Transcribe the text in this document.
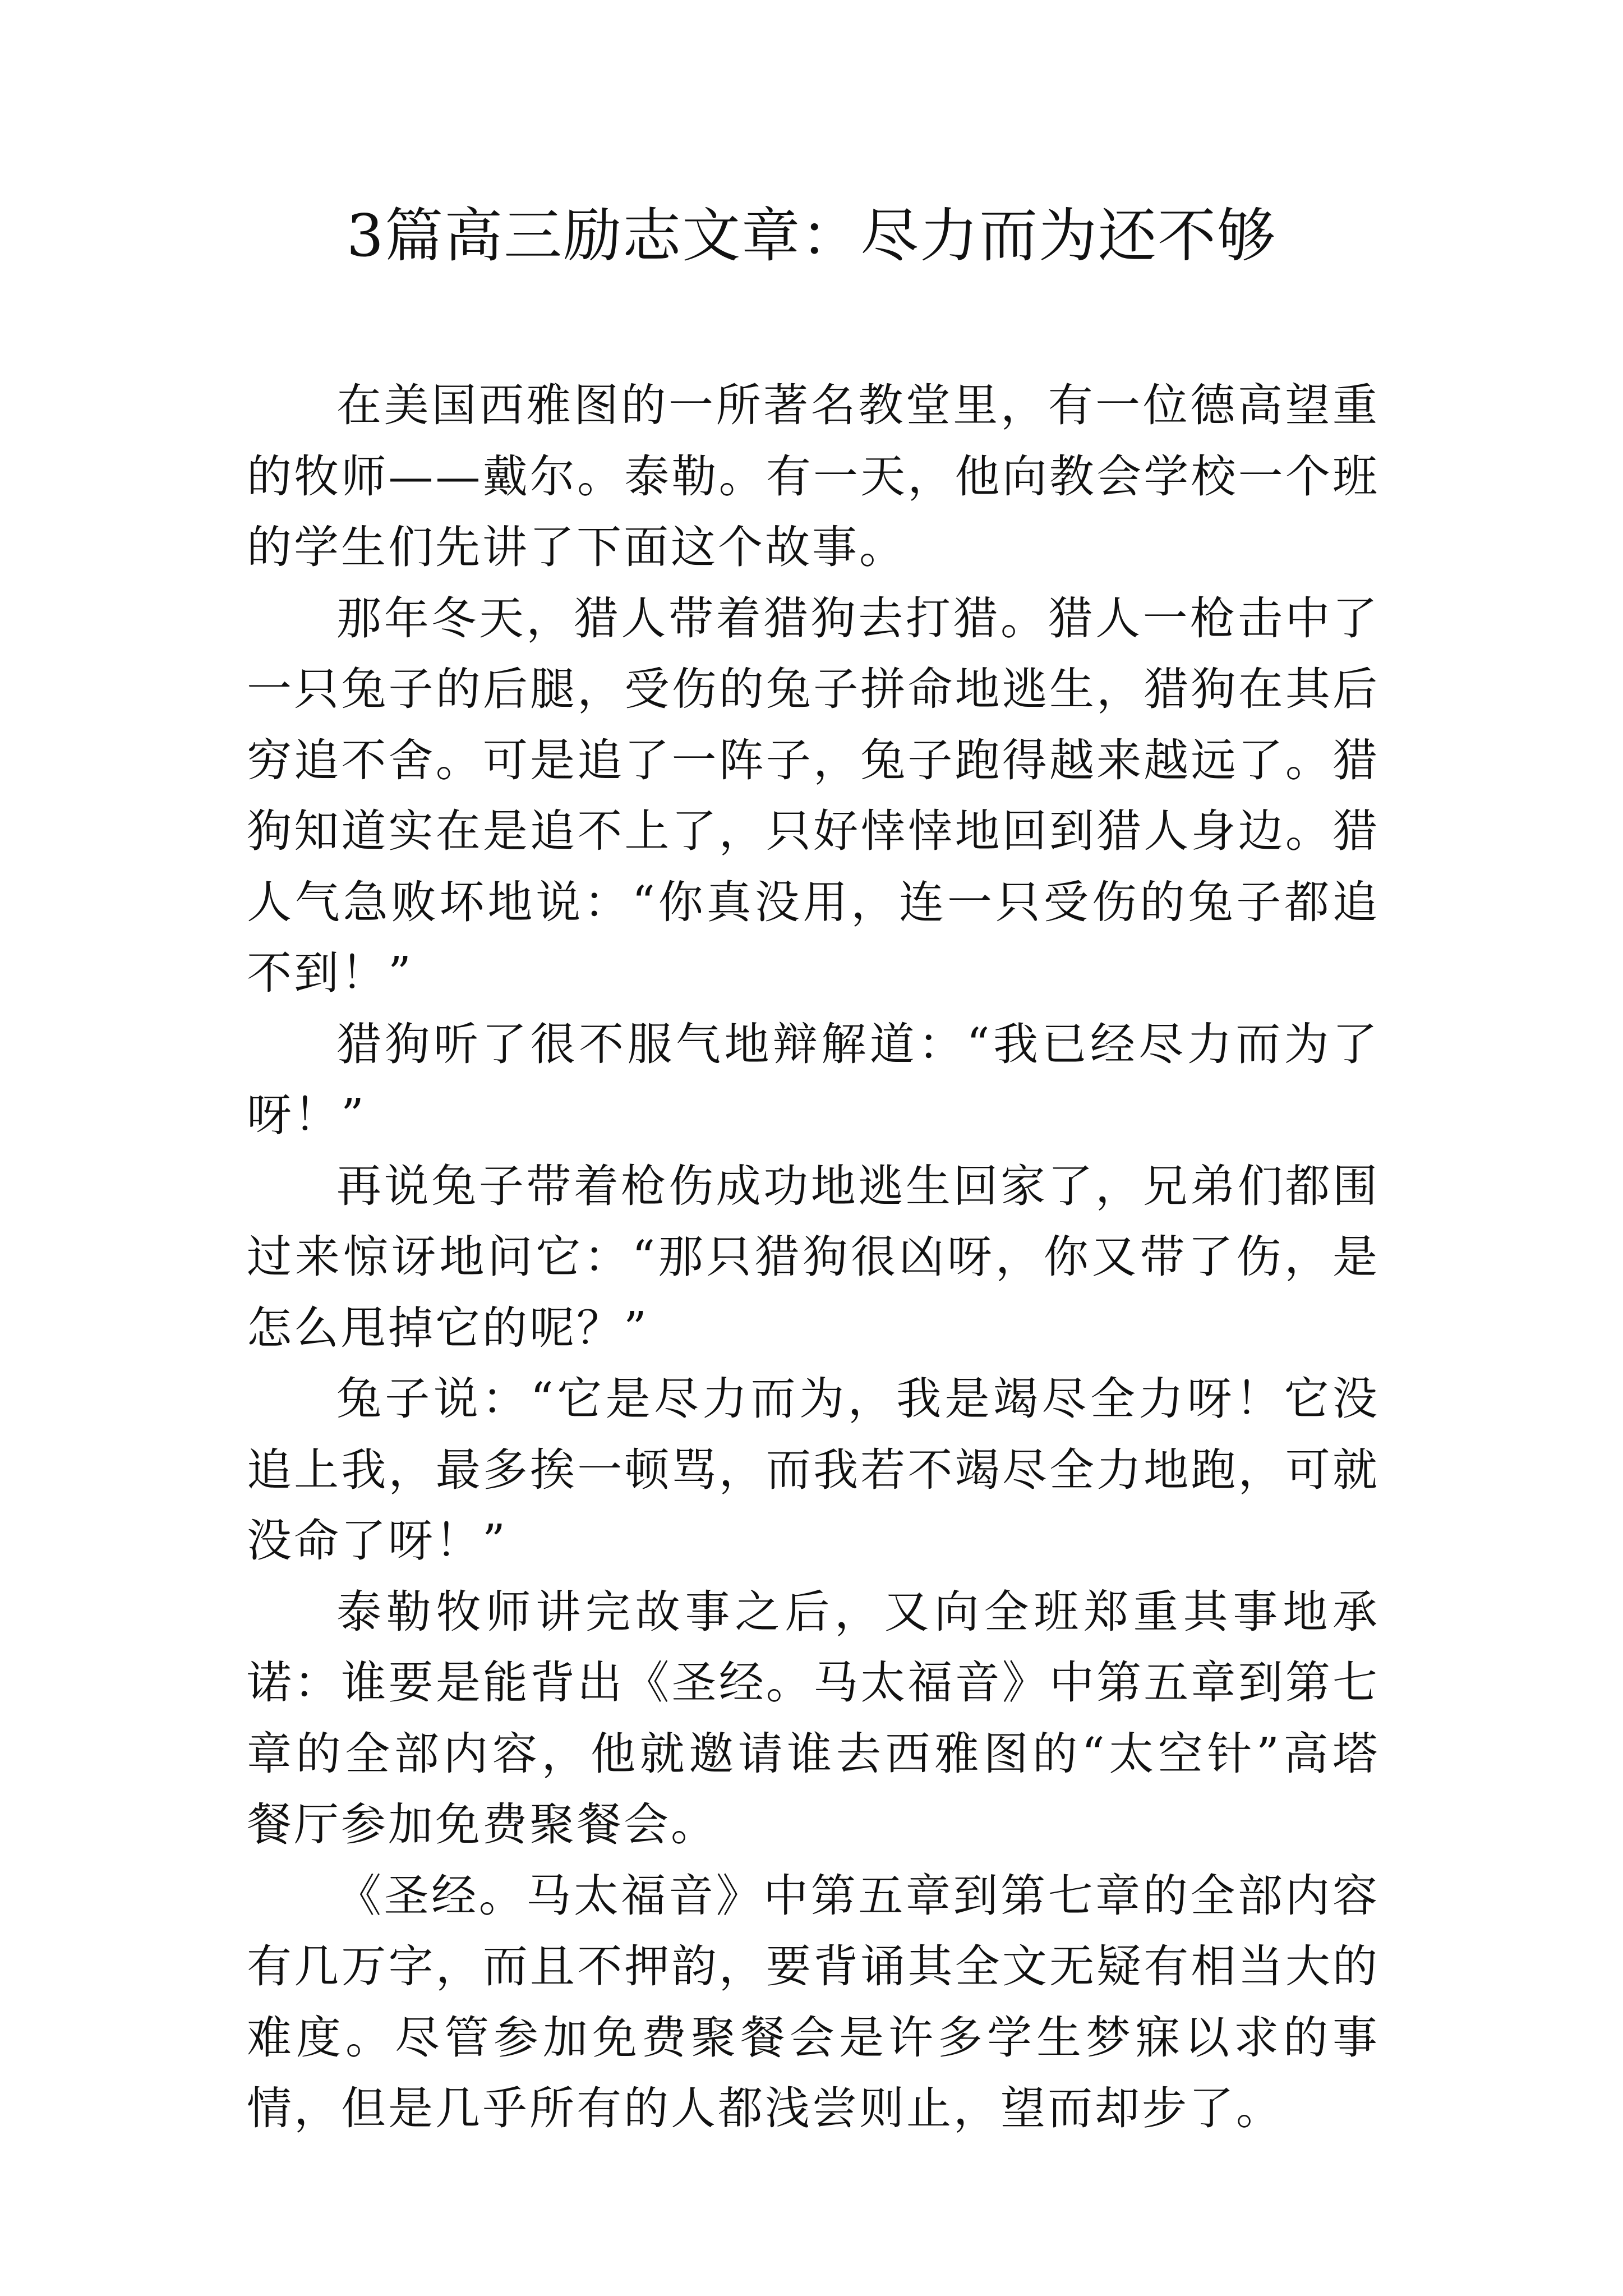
3篇高三励志文章：尽力而为还不够

在美国西雅图的一所著名教堂里，有一位德高望重的牧师——戴尔。泰勒。有一天，他向教会学校一个班的学生们先讲了下面这个故事。

那年冬天，猎人带着猎狗去打猎。猎人一枪击中了一只兔子的后腿，受伤的兔子拼命地逃生，猎狗在其后穷追不舍。可是追了一阵子，兔子跑得越来越远了。猎狗知道实在是追不上了，只好悻悻地回到猎人身边。猎人气急败坏地说：“你真没用，连一只受伤的兔子都追不到！”

猎狗听了很不服气地辩解道：“我已经尽力而为了呀！”

再说兔子带着枪伤成功地逃生回家了，兄弟们都围过来惊讶地问它：“那只猎狗很凶呀，你又带了伤，是怎么甩掉它的呢？”

兔子说：“它是尽力而为，我是竭尽全力呀！它没追上我，最多挨一顿骂，而我若不竭尽全力地跑，可就没命了呀！”

泰勒牧师讲完故事之后，又向全班郑重其事地承诺：谁要是能背出《圣经。马太福音》中第五章到第七章的全部内容，他就邀请谁去西雅图的“太空针”高塔餐厅参加免费聚餐会。

《圣经。马太福音》中第五章到第七章的全部内容有几万字，而且不押韵，要背诵其全文无疑有相当大的难度。尽管参加免费聚餐会是许多学生梦寐以求的事情，但是几乎所有的人都浅尝则止，望而却步了。
